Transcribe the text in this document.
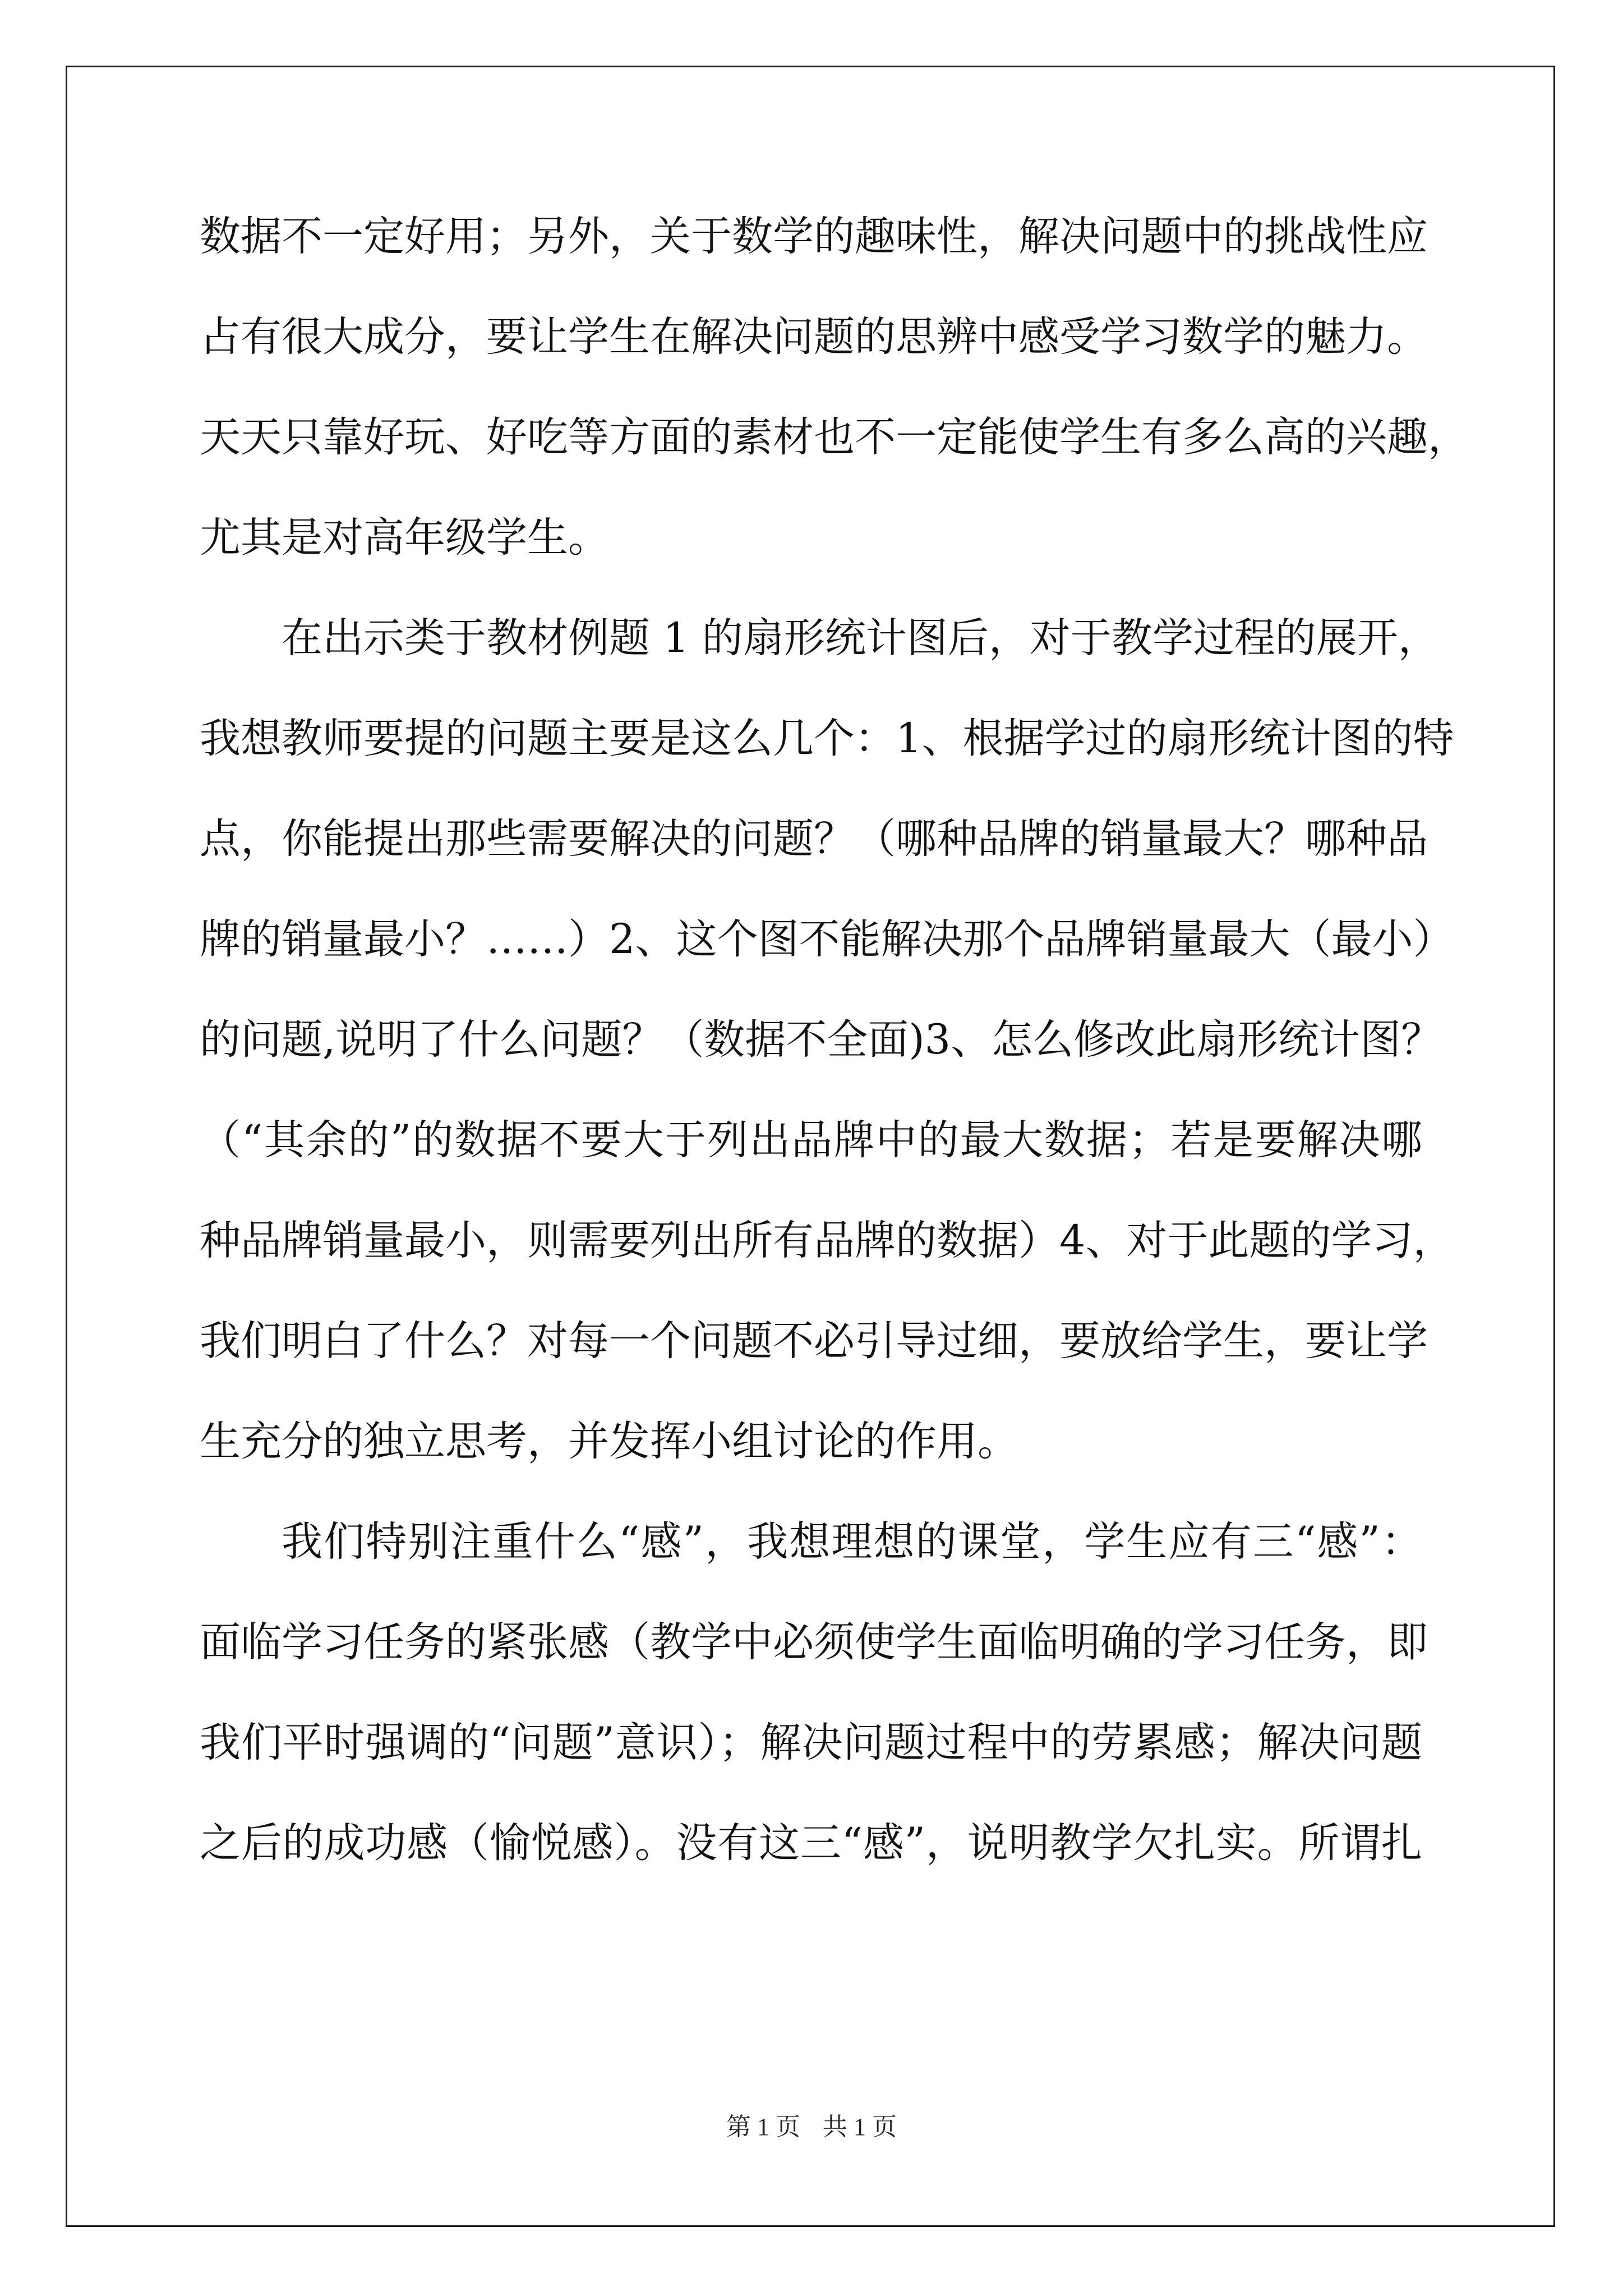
数据不一定好用；另外，关于数学的趣味性，解决问题中的挑战性应
占有很大成分，要让学生在解决问题的思辨中感受学习数学的魅力。
天天只靠好玩、好吃等方面的素材也不一定能使学生有多么高的兴趣，
尤其是对高年级学生。
在出示类于教材例题 1 的扇形统计图后，对于教学过程的展开，
我想教师要提的问题主要是这么几个：1、根据学过的扇形统计图的特
点，你能提出那些需要解决的问题？（哪种品牌的销量最大？哪种品
牌的销量最小？……）2、这个图不能解决那个品牌销量最大（最小）
的问题,说明了什么问题？（数据不全面)3、怎么修改此扇形统计图？
（“其余的”的数据不要大于列出品牌中的最大数据；若是要解决哪
种品牌销量最小，则需要列出所有品牌的数据）4、对于此题的学习，
我们明白了什么？对每一个问题不必引导过细，要放给学生，要让学
生充分的独立思考，并发挥小组讨论的作用。
我们特别注重什么“感”，我想理想的课堂，学生应有三“感”：
面临学习任务的紧张感（教学中必须使学生面临明确的学习任务，即
我们平时强调的“问题”意识）；解决问题过程中的劳累感；解决问题
之后的成功感（愉悦感）。没有这三“感”，说明教学欠扎实。所谓扎
第 1 页 共 1 页
